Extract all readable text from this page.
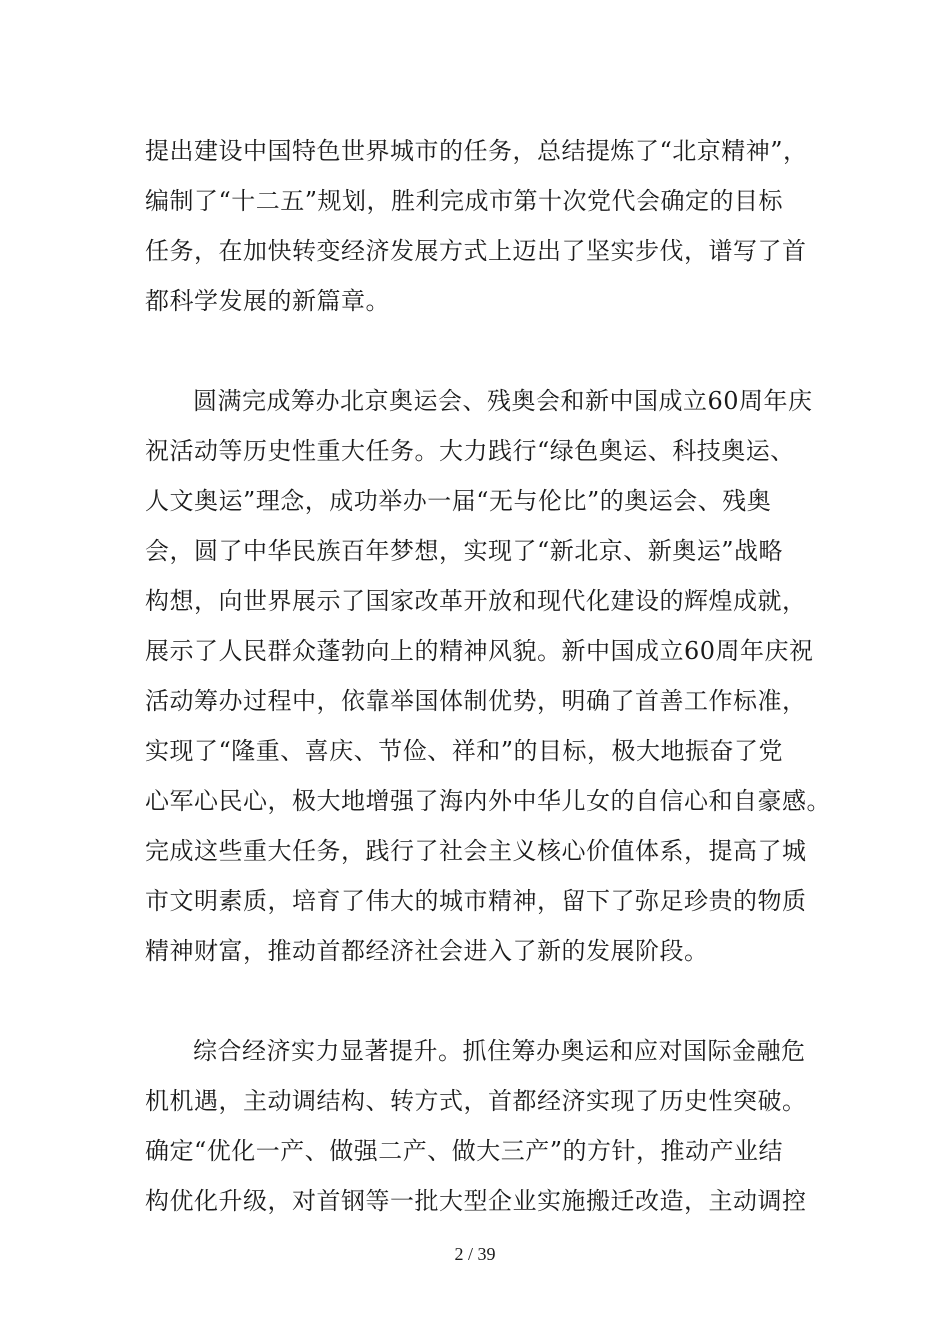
提出建设中国特色世界城市的任务，总结提炼了“北京精神”，
编制了“十二五”规划，胜利完成市第十次党代会确定的目标
任务，在加快转变经济发展方式上迈出了坚实步伐，谱写了首
都科学发展的新篇章。
圆满完成筹办北京奥运会、残奥会和新中国成立60周年庆
祝活动等历史性重大任务。大力践行“绿色奥运、科技奥运、
人文奥运”理念，成功举办一届“无与伦比”的奥运会、残奥
会，圆了中华民族百年梦想，实现了“新北京、新奥运”战略
构想，向世界展示了国家改革开放和现代化建设的辉煌成就，
展示了人民群众蓬勃向上的精神风貌。新中国成立60周年庆祝
活动筹办过程中，依靠举国体制优势，明确了首善工作标准，
实现了“隆重、喜庆、节俭、祥和”的目标，极大地振奋了党
心军心民心，极大地增强了海内外中华儿女的自信心和自豪感。
完成这些重大任务，践行了社会主义核心价值体系，提高了城
市文明素质，培育了伟大的城市精神，留下了弥足珍贵的物质
精神财富，推动首都经济社会进入了新的发展阶段。
综合经济实力显著提升。抓住筹办奥运和应对国际金融危
机机遇，主动调结构、转方式，首都经济实现了历史性突破。
确定“优化一产、做强二产、做大三产”的方针，推动产业结
构优化升级，对首钢等一批大型企业实施搬迁改造，主动调控
2 / 39
